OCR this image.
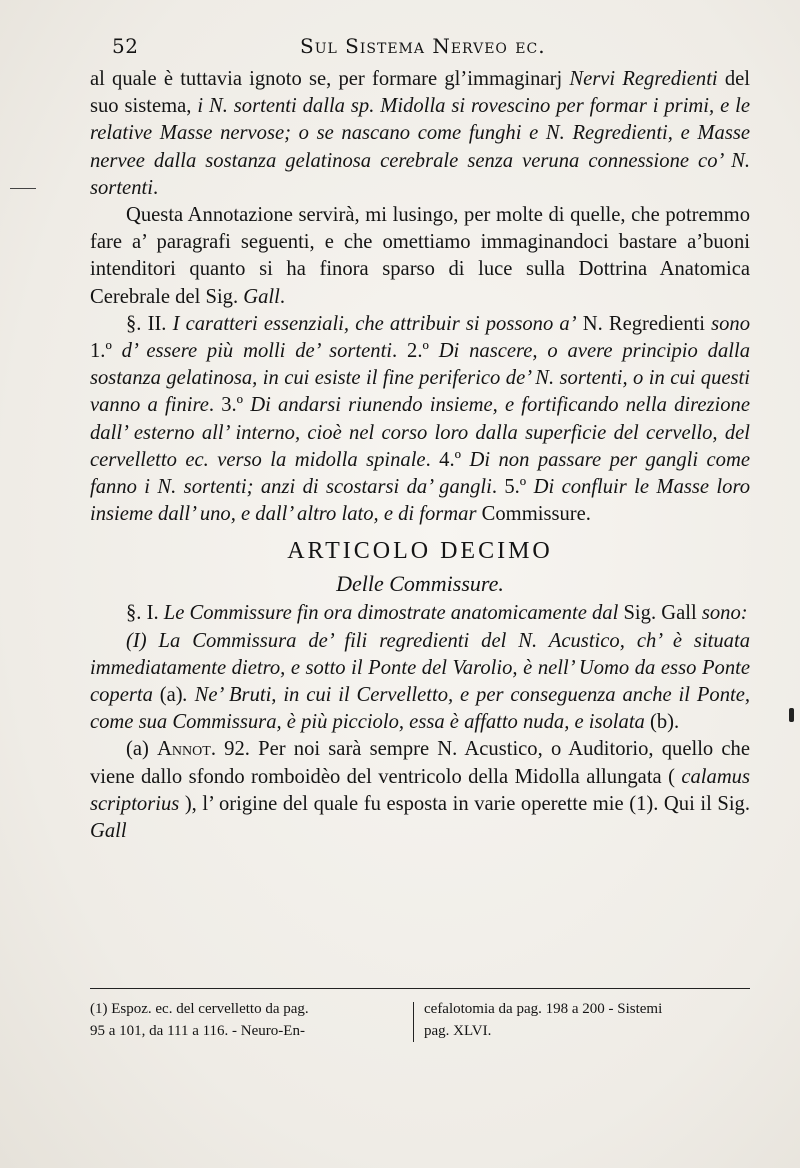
52	Sul Sistema Nerveo ec.

al quale è tuttavia ignoto se, per formare gl’immaginarj Nervi Regredienti del suo sistema, i N. sortenti dalla sp. Midolla si rovescino per formar i primi, e le relative Masse nervose; o se nascano come funghi e N. Regredienti, e Masse nervee dalla sostanza gelatinosa cerebrale senza veruna connessione co’ N. sortenti.

Questa Annotazione servirà, mi lusingo, per molte di quelle, che potremmo fare a’ paragrafi seguenti, e che omettiamo immaginandoci bastare a’buoni intenditori quanto si ha finora sparso di luce sulla Dottrina Anatomica Cerebrale del Sig. Gall.

§. II. I caratteri essenziali, che attribuir si possono a’ N. Regredienti sono 1.º d’ essere più molli de’ sortenti. 2.º Di nascere, o avere principio dalla sostanza gelatinosa, in cui esiste il fine periferico de’ N. sortenti, o in cui questi vanno a finire. 3.º Di andarsi riunendo insieme, e fortificando nella direzione dall’ esterno all’ interno, cioè nel corso loro dalla superficie del cervello, del cervelletto ec. verso la midolla spinale. 4.º Di non passare per gangli come fanno i N. sortenti; anzi di scostarsi da’ gangli. 5.º Di confluir le Masse loro insieme dall’ uno, e dall’ altro lato, e di formar Commissure.

ARTICOLO DECIMO

Delle Commissure.

§. I. Le Commissure fin ora dimostrate anatomicamente dal Sig. Gall sono:

(I) La Commissura de’ fili regredienti del N. Acustico, ch’ è situata immediatamente dietro, e sotto il Ponte del Varolio, è nell’ Uomo da esso Ponte coperta (a). Ne’ Bruti, in cui il Cervelletto, e per conseguenza anche il Ponte, come sua Commissura, è più picciolo, essa è affatto nuda, e isolata (b).

(a) Annot. 92. Per noi sarà sempre N. Acustico, o Auditorio, quello che viene dallo sfondo romboidèo del ventricolo della Midolla allungata ( calamus scriptorius ), l’ origine del quale fu esposta in varie operette mie (1). Qui il Sig. Gall

(1) Espoz. ec. del cervelletto da pag.
95 a 101, da 111 a 116. - Neuro-En-
cefalotomia da pag. 198 a 200 - Sistemi
pag. XLVI.
